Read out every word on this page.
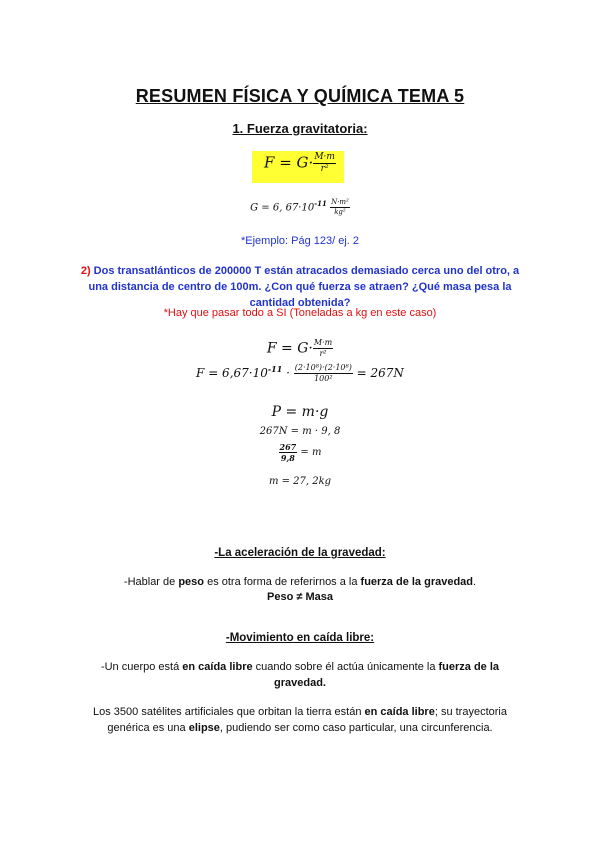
RESUMEN FÍSICA Y QUÍMICA TEMA 5
1. Fuerza gravitatoria:
$F = G\cdot \frac{M\cdot m}{\text{r²}}$
G = 6, $67\cdot 10^{-11} \frac{\text{N·m²}}{\text{kg²}}$
*Ejemplo: Pág 123/ ej. 2
2) Dos transatlánticos de 200000 T están atracados demasiado cerca uno del otro, a una distancia de centro de 100m. ¿Con qué fuerza se atraen? ¿Qué masa pesa la cantidad obtenida?
*Hay que pasar todo a SI (Toneladas a kg en este caso)
$F = G\cdot \frac{M\cdot m}{\text{r²}}$
$F = 6,67\cdot 10^{-11} \cdot \frac{\text{(2·10⁸)·(2·10⁸)}}{\text{100²}} = 267N$
P = m·g
267N = m · 9, 8
$\frac{267}{9,8} = m$
m = 27, 2kg
-La aceleración de la gravedad:
-Hablar de peso es otra forma de referirnos a la fuerza de la gravedad.
Peso ≠ Masa
-Movimiento en caída libre:
-Un cuerpo está en caída libre cuando sobre él actúa únicamente la fuerza de la gravedad.
Los 3500 satélites artificiales que orbitan la tierra están en caída libre; su trayectoria genérica es una elipse, pudiendo ser como caso particular, una circunferencia.
